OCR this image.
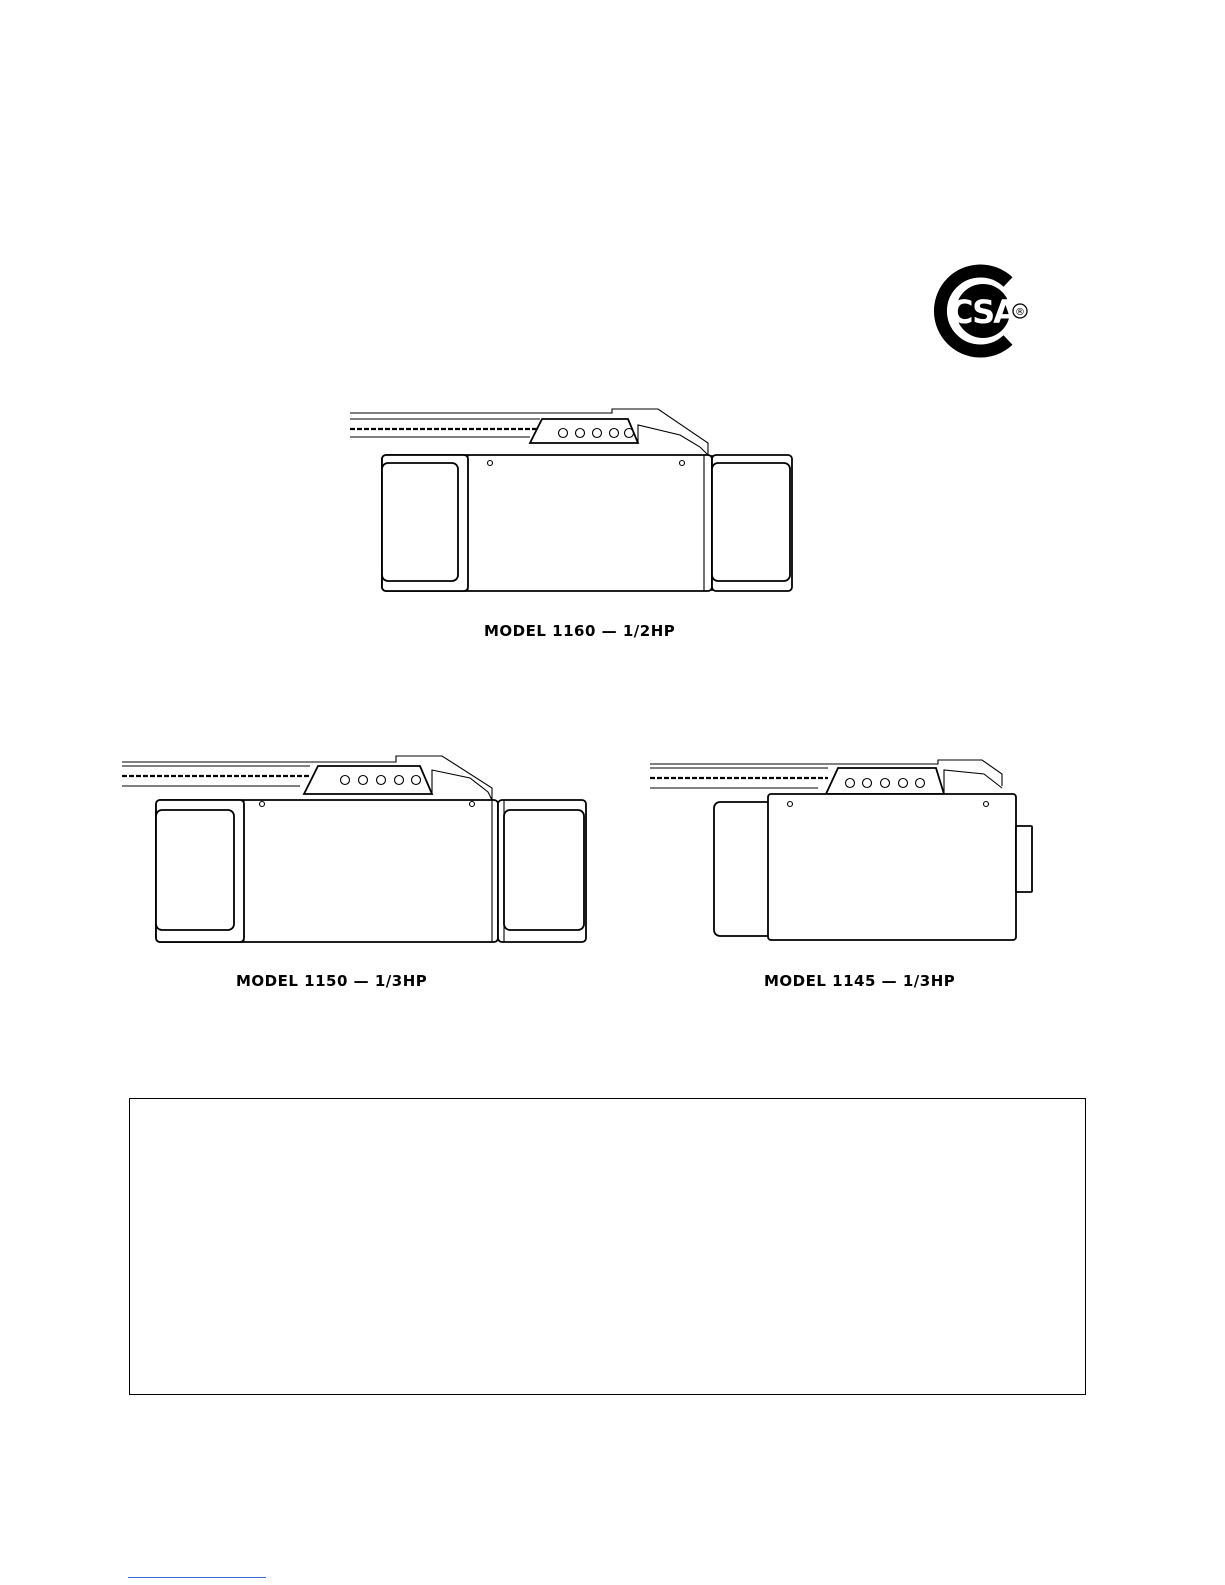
CSA ®
MODEL 1160 — 1/2HP
MODEL 1150 — 1/3HP	MODEL 1145 — 1/3HP
